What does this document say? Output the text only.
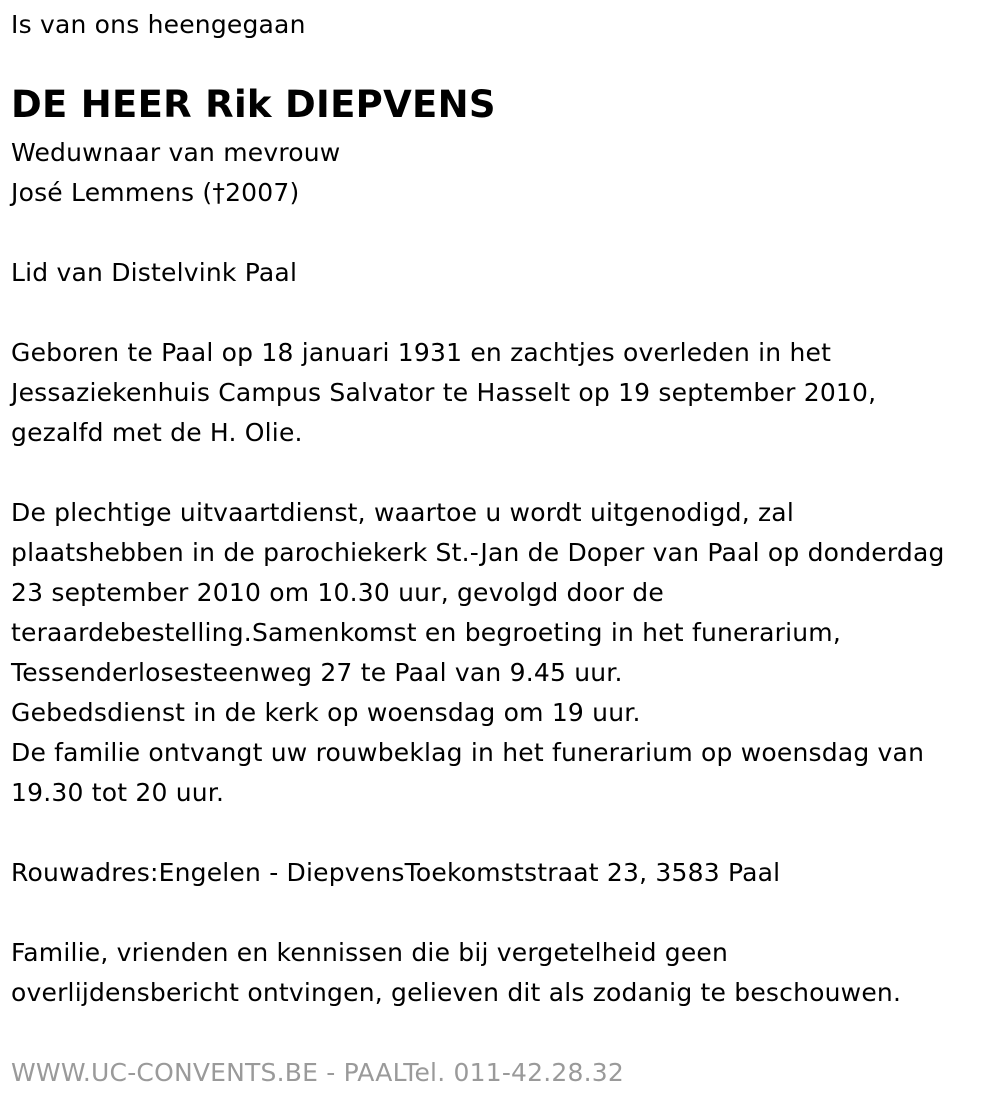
Is van ons heengegaan
DE HEER Rik DIEPVENS
Weduwnaar van mevrouw
José Lemmens (†2007)
Lid van Distelvink Paal
Geboren te Paal op 18 januari 1931 en zachtjes overleden in het
Jessaziekenhuis Campus Salvator te Hasselt op 19 september 2010,
gezalfd met de H. Olie.
De plechtige uitvaartdienst, waartoe u wordt uitgenodigd, zal
plaatshebben in de parochiekerk St.-Jan de Doper van Paal op donderdag
23 september 2010 om 10.30 uur, gevolgd door de
teraardebestelling.Samenkomst en begroeting in het funerarium,
Tessenderlosesteenweg 27 te Paal van 9.45 uur.
Gebedsdienst in de kerk op woensdag om 19 uur.
De familie ontvangt uw rouwbeklag in het funerarium op woensdag van
19.30 tot 20 uur.
Rouwadres:Engelen - DiepvensToekomststraat 23, 3583 Paal
Familie, vrienden en kennissen die bij vergetelheid geen
overlijdensbericht ontvingen, gelieven dit als zodanig te beschouwen.
WWW.UC-CONVENTS.BE - PAALTel. 011-42.28.32
